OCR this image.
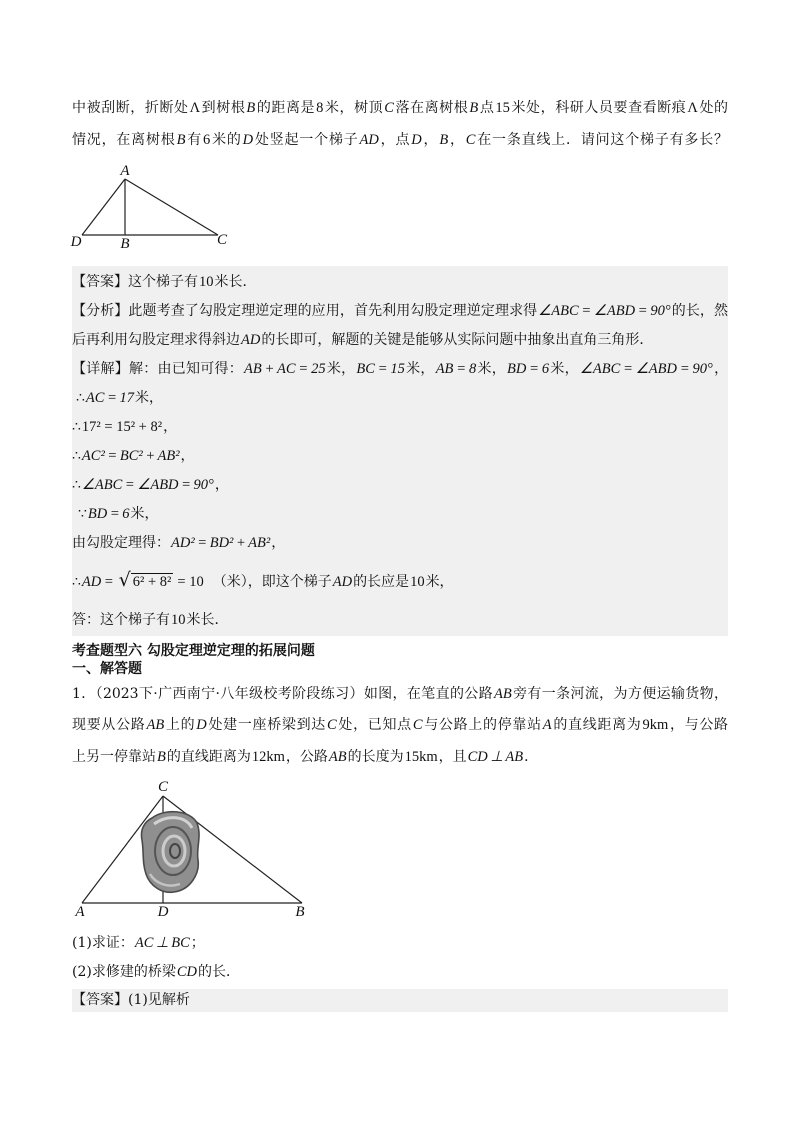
中被刮断，折断处Λ到树根B的距离是8米，树顶C落在离树根B点15米处，科研人员要查看断痕Λ处的
情况，在离树根B有6米的D处竖起一个梯子AD，点D，B，C在一条直线上．请问这个梯子有多长？
A
D	B	C
【答案】这个梯子有10米长．
【分析】此题考查了勾股定理逆定理的应用，首先利用勾股定理逆定理求得∠ABC = ∠ABD = 90°的长，然
后再利用勾股定理求得斜边AD的长即可，解题的关键是能够从实际问题中抽象出直角三角形．
【详解】解：由已知可得：AB + AC = 25米，BC = 15米，AB = 8米，BD = 6米，∠ABC = ∠ABD = 90°，
∴AC = 17米，
∴17² = 15² + 8²，
∴AC² = BC² + AB²，
∴∠ABC = ∠ABD = 90°，
∵BD = 6米，
由勾股定理得：AD² = BD² + AB²，
∴AD = √ 6² + 8² = 10 （米），即这个梯子AD的长应是10米，
答：这个梯子有10米长．
考查题型六 勾股定理逆定理的拓展问题
一、解答题
1．（2023下·广西南宁·八年级校考阶段练习）如图，在笔直的公路AB旁有一条河流，为方便运输货物，
现要从公路AB上的D处建一座桥梁到达C处，已知点C与公路上的停靠站A的直线距离为9km，与公路
上另一停靠站B的直线距离为12km，公路AB的长度为15km，且CD ⊥ AB．
C
A	D	B
(1)求证：AC ⊥ BC；
(2)求修建的桥梁CD的长．
【答案】(1)见解析
